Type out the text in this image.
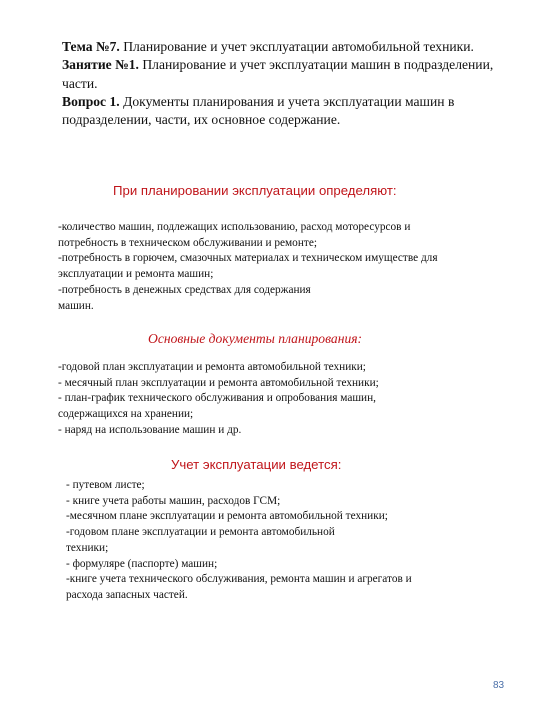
Тема №7. Планирование и учет эксплуатации автомобильной техники.
Занятие №1. Планирование и учет эксплуатации машин в подразделении, части.
Вопрос 1. Документы планирования и учета эксплуатации машин в подразделении, части, их основное содержание.
При планировании эксплуатации определяют:
-количество машин, подлежащих использованию, расход моторесурсов и
потребность в техническом обслуживании и ремонте;
-потребность в горючем, смазочных материалах и техническом имуществе для
эксплуатации и ремонта машин;
-потребность в денежных средствах для содержания
машин.
Основные документы планирования:
-годовой план эксплуатации и ремонта автомобильной техники;
- месячный план эксплуатации и ремонта автомобильной техники;
- план-график технического обслуживания и опробования машин,
содержащихся на хранении;
- наряд на использование машин и др.
Учет эксплуатации ведется:
- путевом листе;
- книге учета работы машин, расходов ГСМ;
-месячном плане эксплуатации и ремонта автомобильной техники;
-годовом плане эксплуатации и ремонта автомобильной
техники;
- формуляре (паспорте) машин;
-книге учета технического обслуживания, ремонта машин и агрегатов и
расхода запасных частей.
83
